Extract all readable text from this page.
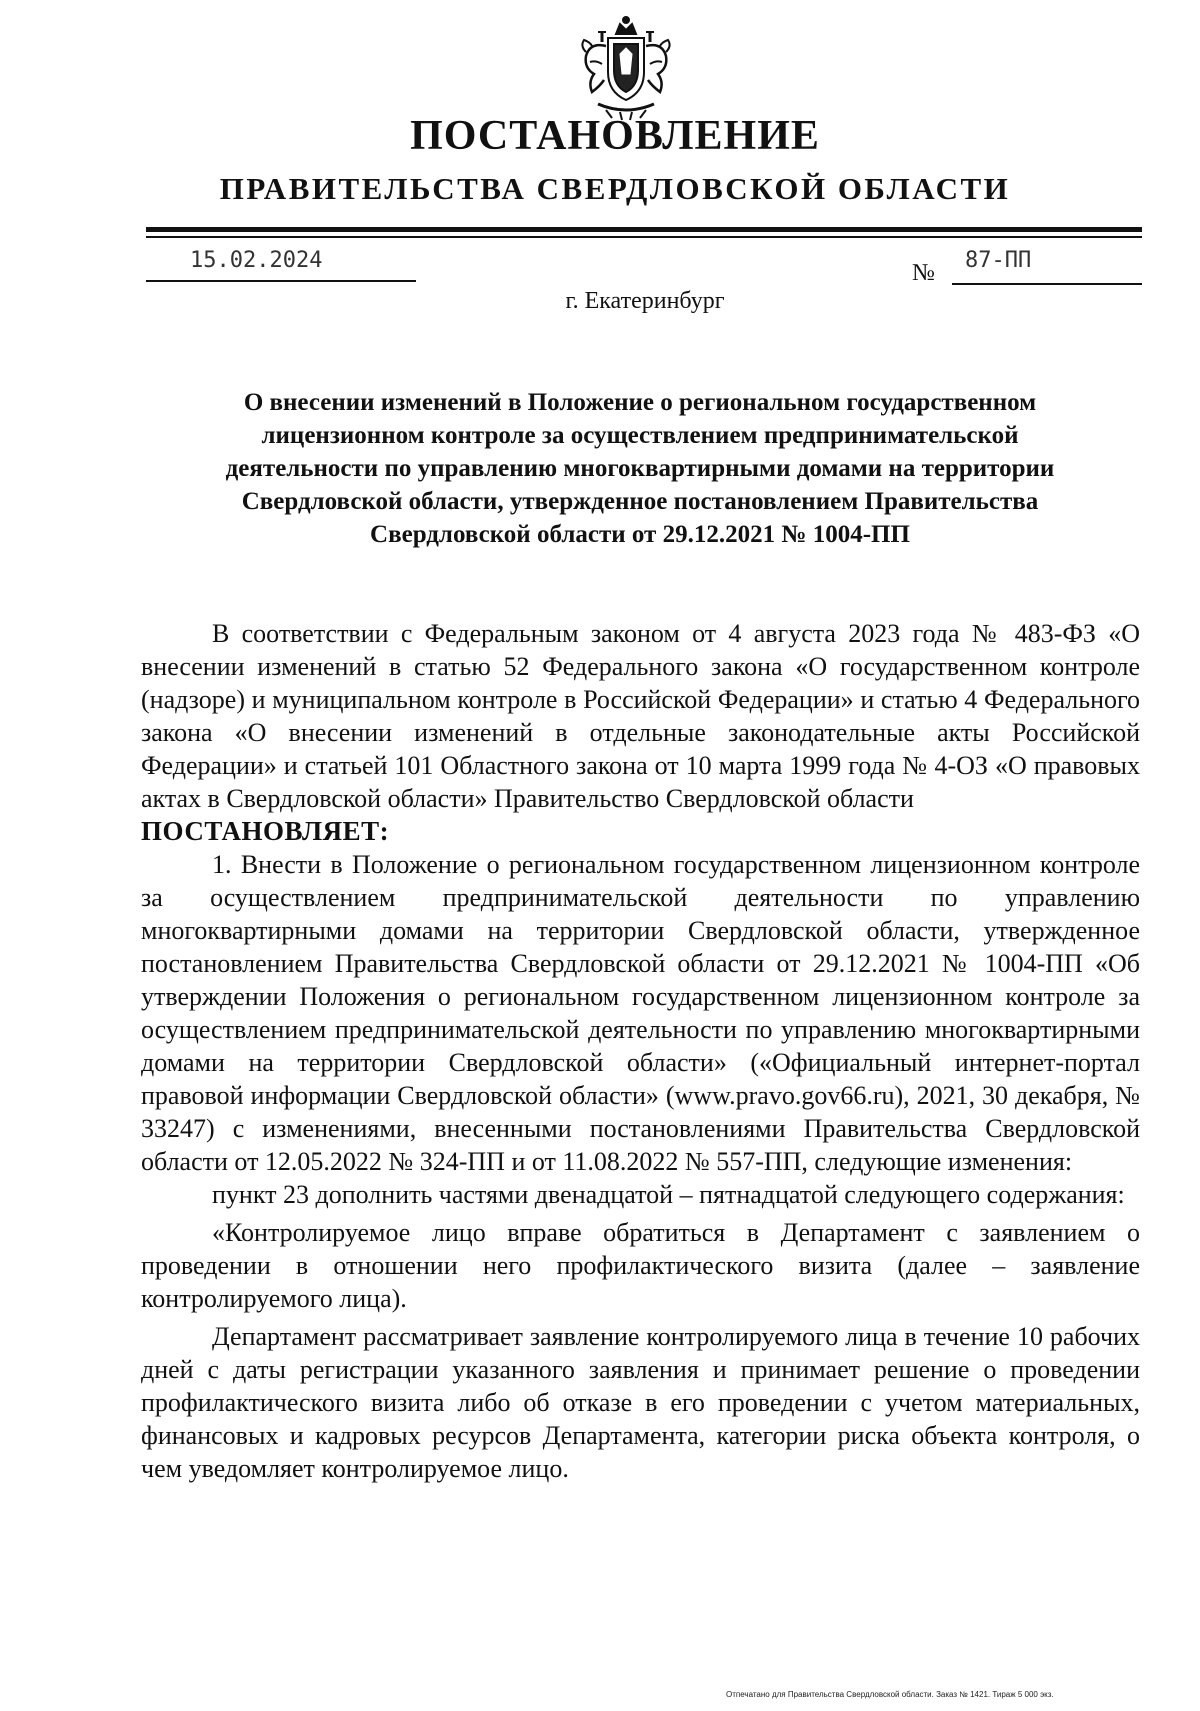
ПОСТАНОВЛЕНИЕ
ПРАВИТЕЛЬСТВА СВЕРДЛОВСКОЙ ОБЛАСТИ
15.02.2024	№ 87-ПП
г. Екатеринбург
О внесении изменений в Положение о региональном государственном
лицензионном контроле за осуществлением предпринимательской
деятельности по управлению многоквартирными домами на территории
Свердловской области, утвержденное постановлением Правительства
Свердловской области от 29.12.2021 № 1004-ПП

В соответствии с Федеральным законом от 4 августа 2023 года № 483-ФЗ «О внесении изменений в статью 52 Федерального закона «О государственном контроле (надзоре) и муниципальном контроле в Российской Федерации» и статью 4 Федерального закона «О внесении изменений в отдельные законодательные акты Российской Федерации» и статьей 101 Областного закона от 10 марта 1999 года № 4-ОЗ «О правовых актах в Свердловской области» Правительство Свердловской области

ПОСТАНОВЛЯЕТ:

1. Внести в Положение о региональном государственном лицензионном контроле за осуществлением предпринимательской деятельности по управлению многоквартирными домами на территории Свердловской области, утвержденное постановлением Правительства Свердловской области от 29.12.2021 № 1004-ПП «Об утверждении Положения о региональном государственном лицензионном контроле за осуществлением предпринимательской деятельности по управлению многоквартирными домами на территории Свердловской области» («Официальный интернет-портал правовой информации Свердловской области» (www.pravo.gov66.ru), 2021, 30 декабря, № 33247) с изменениями, внесенными постановлениями Правительства Свердловской области от 12.05.2022 № 324-ПП и от 11.08.2022 № 557-ПП, следующие изменения:

пункт 23 дополнить частями двенадцатой – пятнадцатой следующего содержания:

«Контролируемое лицо вправе обратиться в Департамент с заявлением о проведении в отношении него профилактического визита (далее – заявление контролируемого лица).

Департамент рассматривает заявление контролируемого лица в течение 10 рабочих дней с даты регистрации указанного заявления и принимает решение о проведении профилактического визита либо об отказе в его проведении с учетом материальных, финансовых и кадровых ресурсов Департамента, категории риска объекта контроля, о чем уведомляет контролируемое лицо.

Отпечатано для Правительства Свердловской области. Заказ № 1421. Тираж 5 000 экз.
